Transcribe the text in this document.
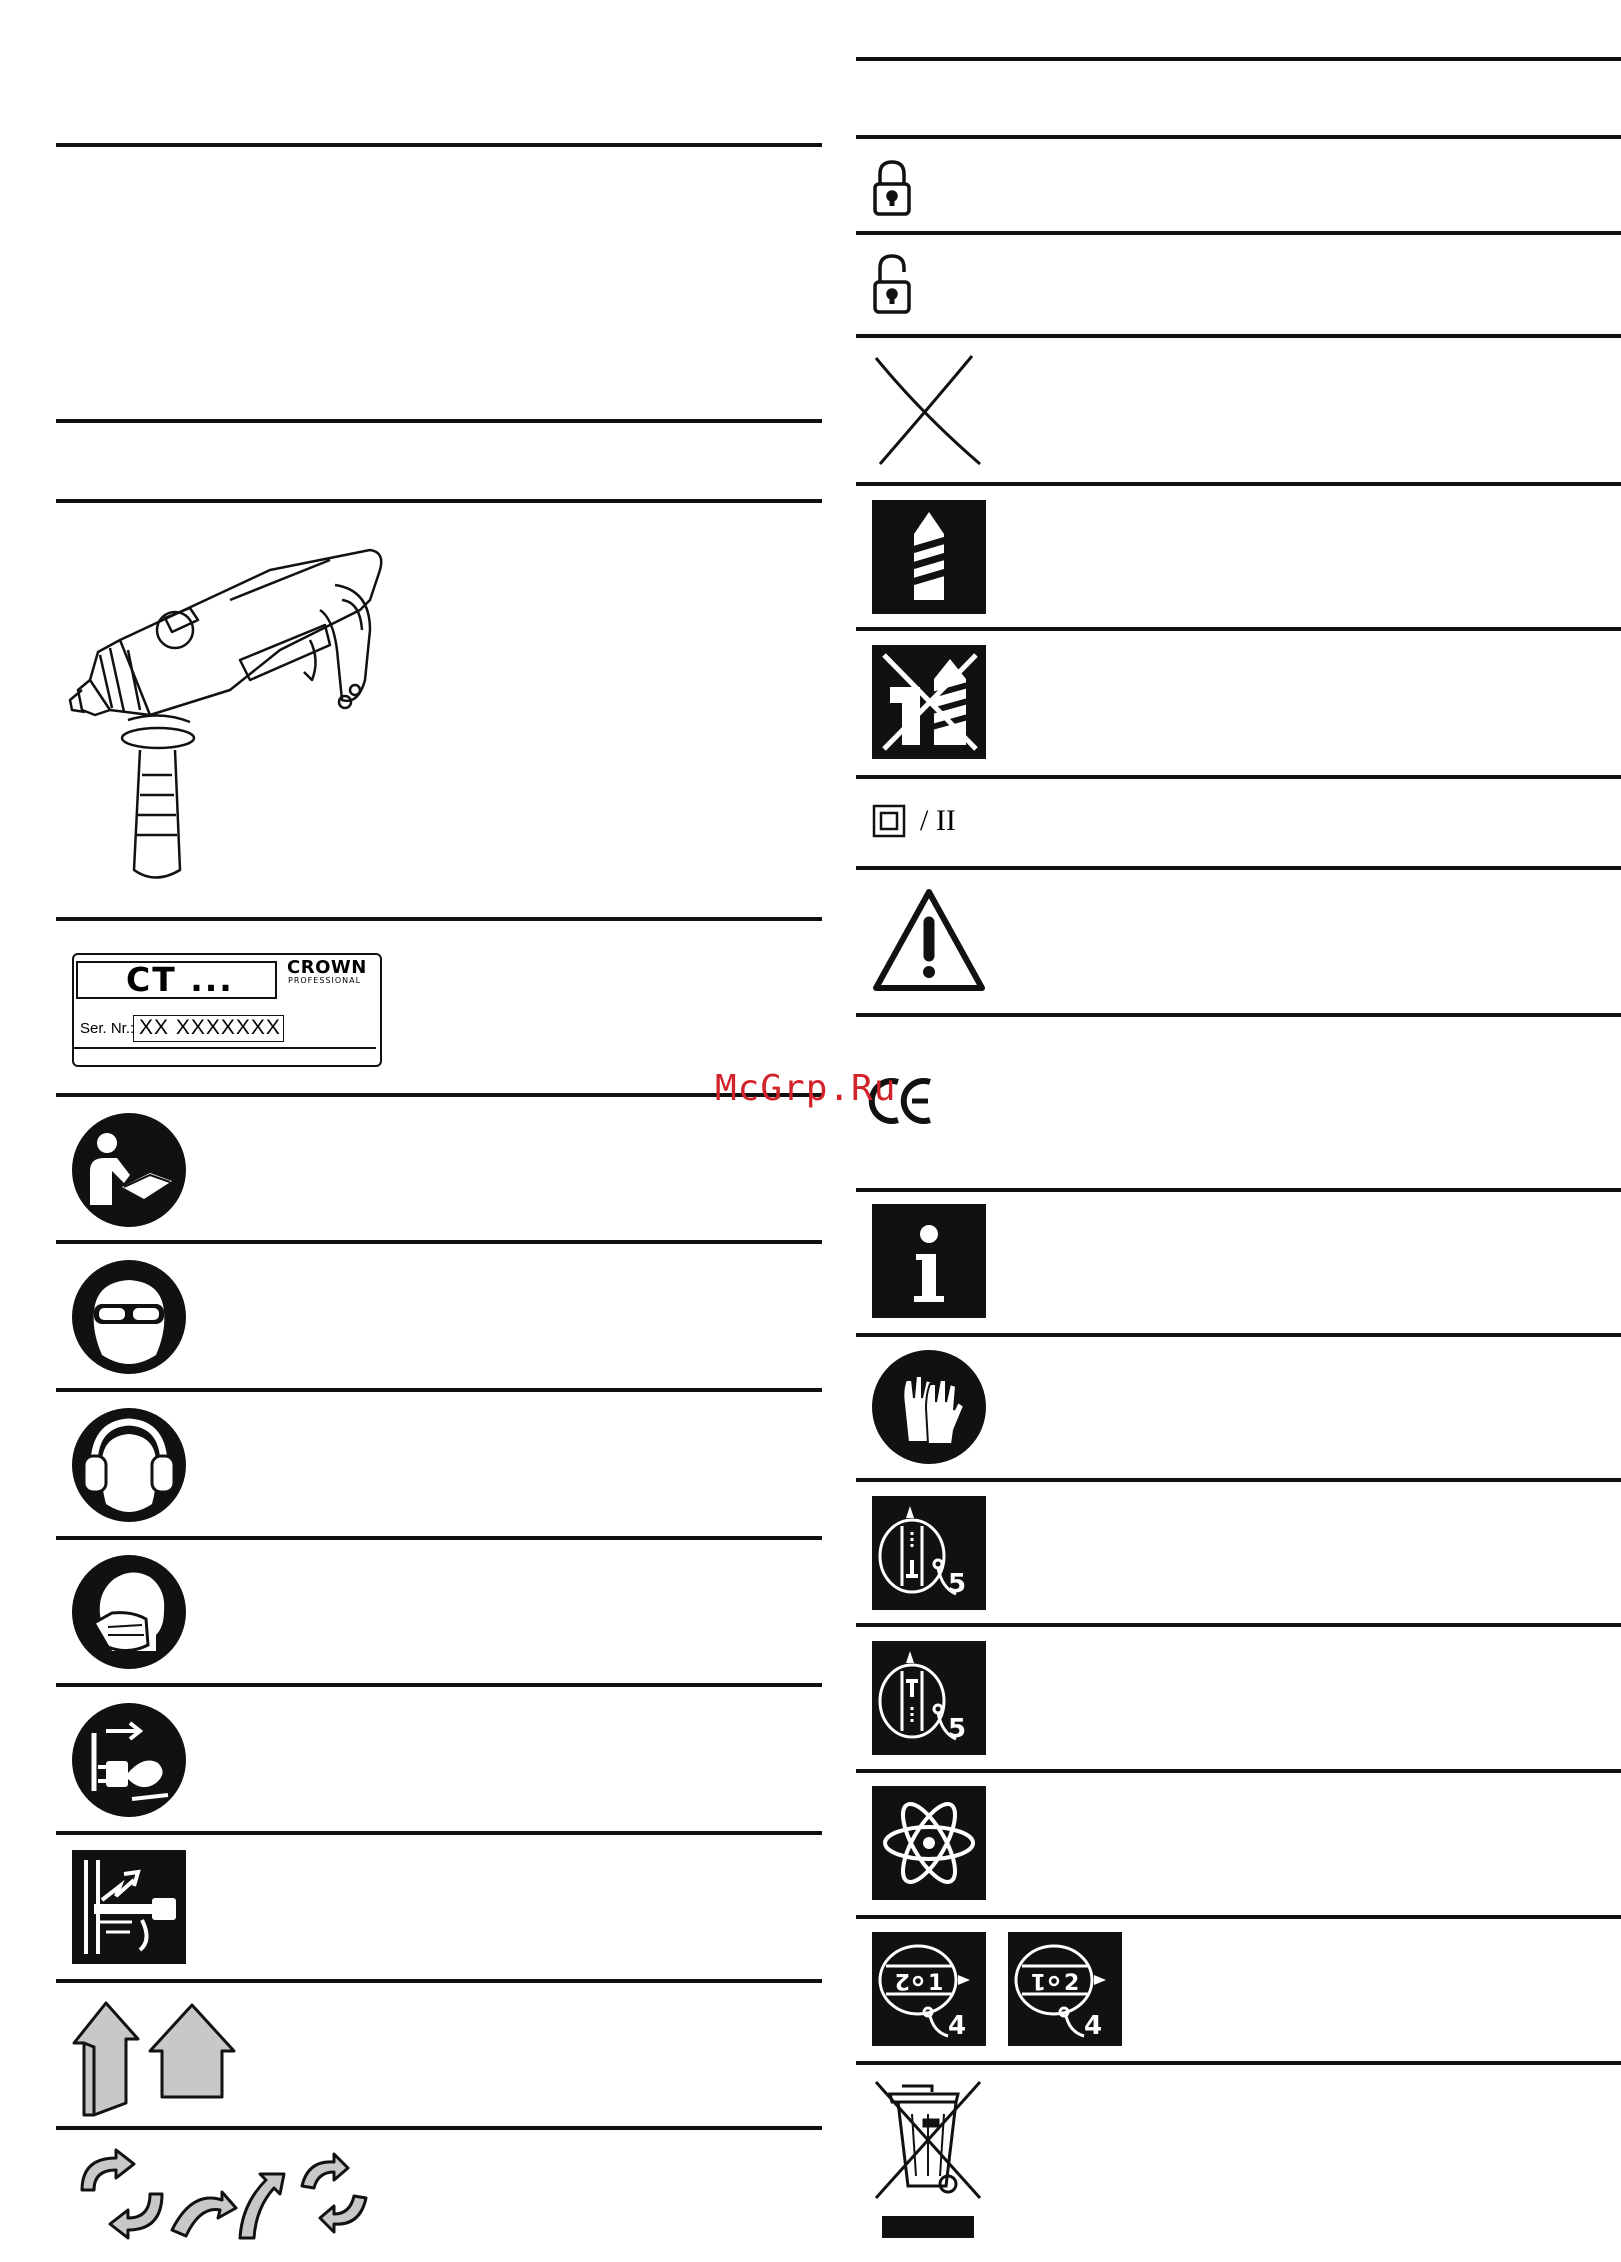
CT ...	CROWN
PROFESSIONAL
Ser. Nr.: XX XXXXXXX
/ II
McGrp.Ru
5
5
2 1
4
1 2
4
